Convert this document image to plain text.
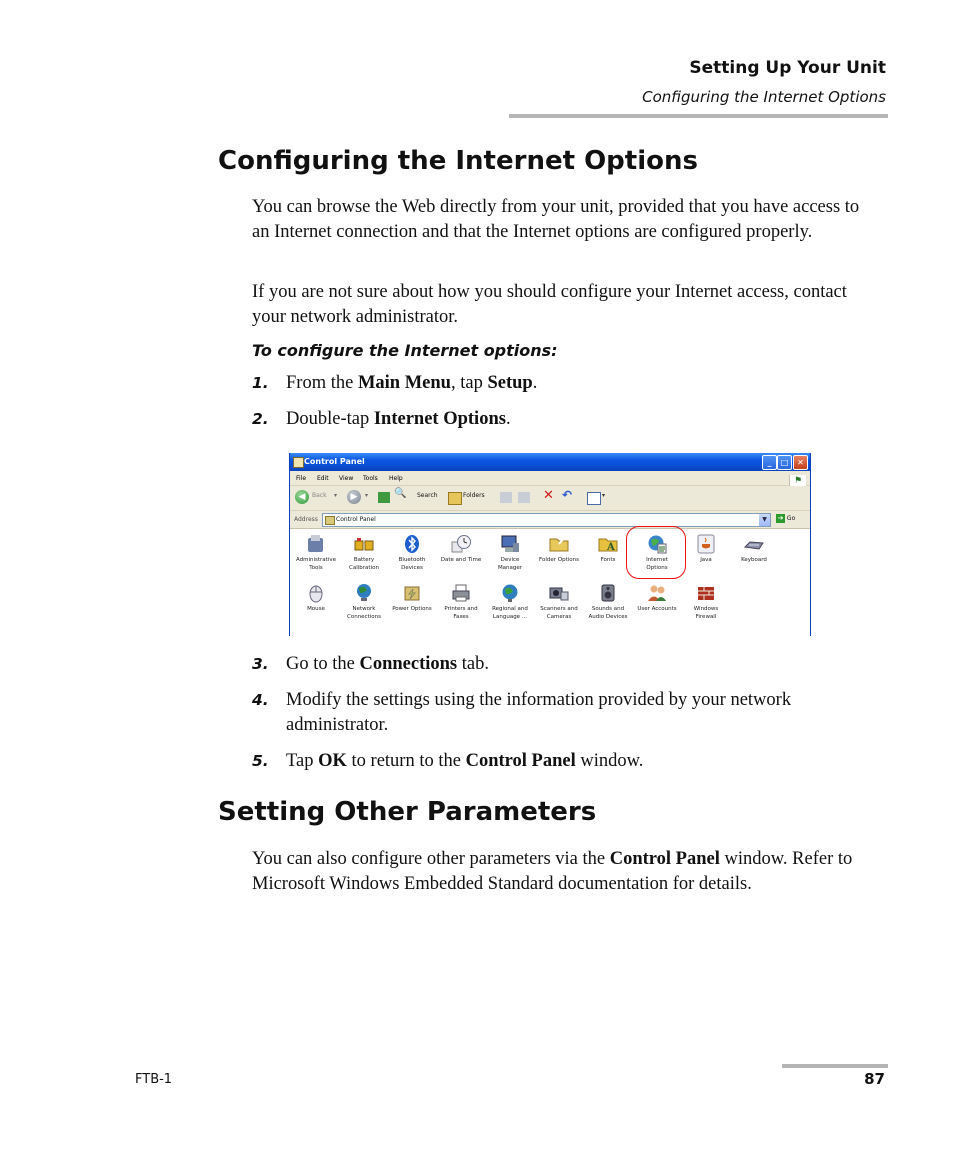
Setting Up Your Unit
Configuring the Internet Options
Configuring the Internet Options

You can browse the Web directly from your unit, provided that you have access to an Internet connection and that the Internet options are configured properly.

If you are not sure about how you should configure your Internet access, contact your network administrator.

To configure the Internet options:
1. From the Main Menu, tap Setup.
2. Double-tap Internet Options.
Control Panel	_	□	✕
File Edit View Tools Help	⚑
◀	Back ▾	▶	▾	🔍 Search	Folders	✕ ↶	▾
Address	Control Panel	▼	➔ Go
Administrative
Tools
Battery
Calibration
Bluetooth
Devices
Date and Time	Device
Manager
Folder Options
A
Fonts	Internet
Options
Java	Keyboard
Mouse	Network
Connections
Power Options	Printers and
Faxes
Regional and
Language ...
Scanners and
Cameras
Sounds and
Audio Devices
User Accounts	Windows
Firewall
3. Go to the Connections tab.
4. Modify the settings using the information provided by your network administrator.
5. Tap OK to return to the Control Panel window.
Setting Other Parameters

You can also configure other parameters via the Control Panel window. Refer to Microsoft Windows Embedded Standard documentation for details.

FTB-1	87
